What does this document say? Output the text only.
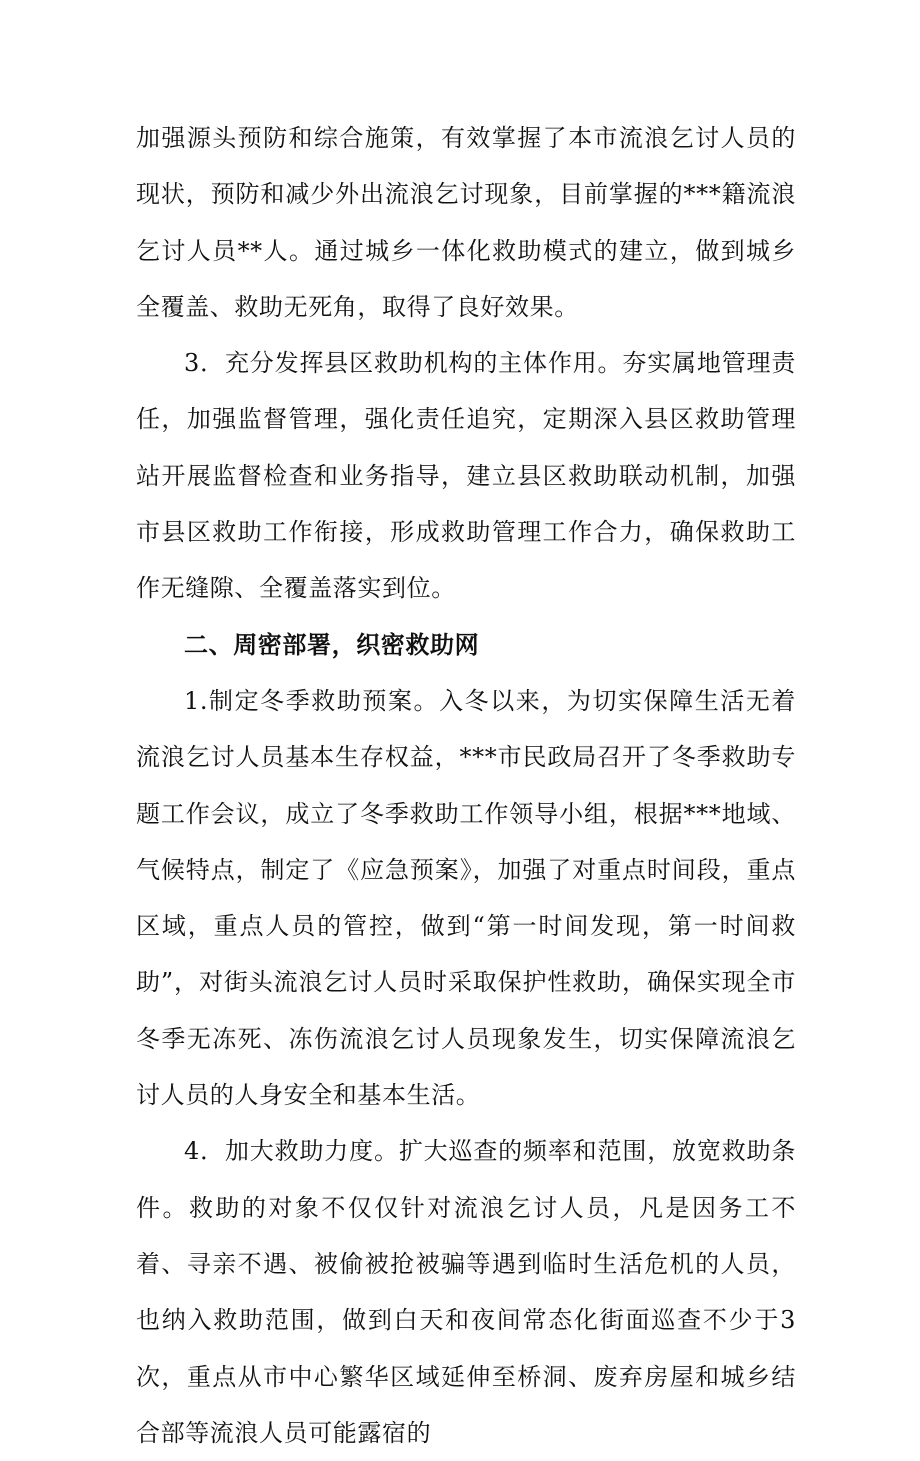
加强源头预防和综合施策，有效掌握了本市流浪乞讨人员的现状，预防和减少外出流浪乞讨现象，目前掌握的***籍流浪乞讨人员**人。通过城乡一体化救助模式的建立，做到城乡全覆盖、救助无死角，取得了良好效果。

3．充分发挥县区救助机构的主体作用。夯实属地管理责任，加强监督管理，强化责任追究，定期深入县区救助管理站开展监督检查和业务指导，建立县区救助联动机制，加强市县区救助工作衔接，形成救助管理工作合力，确保救助工作无缝隙、全覆盖落实到位。

二、周密部署，织密救助网

1.制定冬季救助预案。入冬以来，为切实保障生活无着流浪乞讨人员基本生存权益，***市民政局召开了冬季救助专题工作会议，成立了冬季救助工作领导小组，根据***地域、气候特点，制定了《应急预案》，加强了对重点时间段，重点区域，重点人员的管控，做到“第一时间发现，第一时间救助”，对街头流浪乞讨人员时采取保护性救助，确保实现全市冬季无冻死、冻伤流浪乞讨人员现象发生，切实保障流浪乞讨人员的人身安全和基本生活。

4．加大救助力度。扩大巡查的频率和范围，放宽救助条件。救助的对象不仅仅针对流浪乞讨人员，凡是因务工不着、寻亲不遇、被偷被抢被骗等遇到临时生活危机的人员，也纳入救助范围，做到白天和夜间常态化街面巡查不少于3次，重点从市中心繁华区域延伸至桥洞、废弃房屋和城乡结合部等流浪人员可能露宿的
